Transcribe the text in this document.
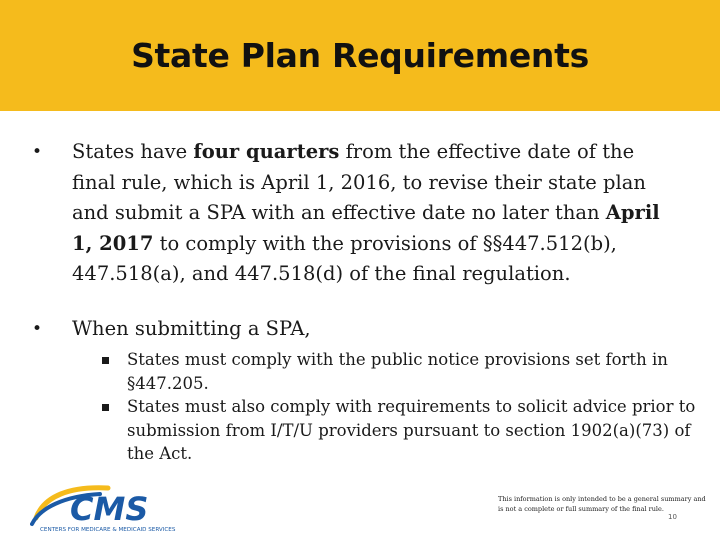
State Plan Requirements
• States have four quarters from the effective date of the final rule, which is April 1, 2016, to revise their state plan and submit a SPA with an effective date no later than April 1, 2017 to comply with the provisions of §§447.512(b), 447.518(a), and 447.518(d) of the final regulation.
• When submitting a SPA,
States must comply with the public notice provisions set forth in §447.205.
States must also comply with requirements to solicit advice prior to submission from I/T/U providers pursuant to section 1902(a)(73) of the Act.
CMS
CENTERS FOR MEDICARE & MEDICAID SERVICES
This information is only intended to be a general summary and is not a complete or full summary of the final rule.
10
